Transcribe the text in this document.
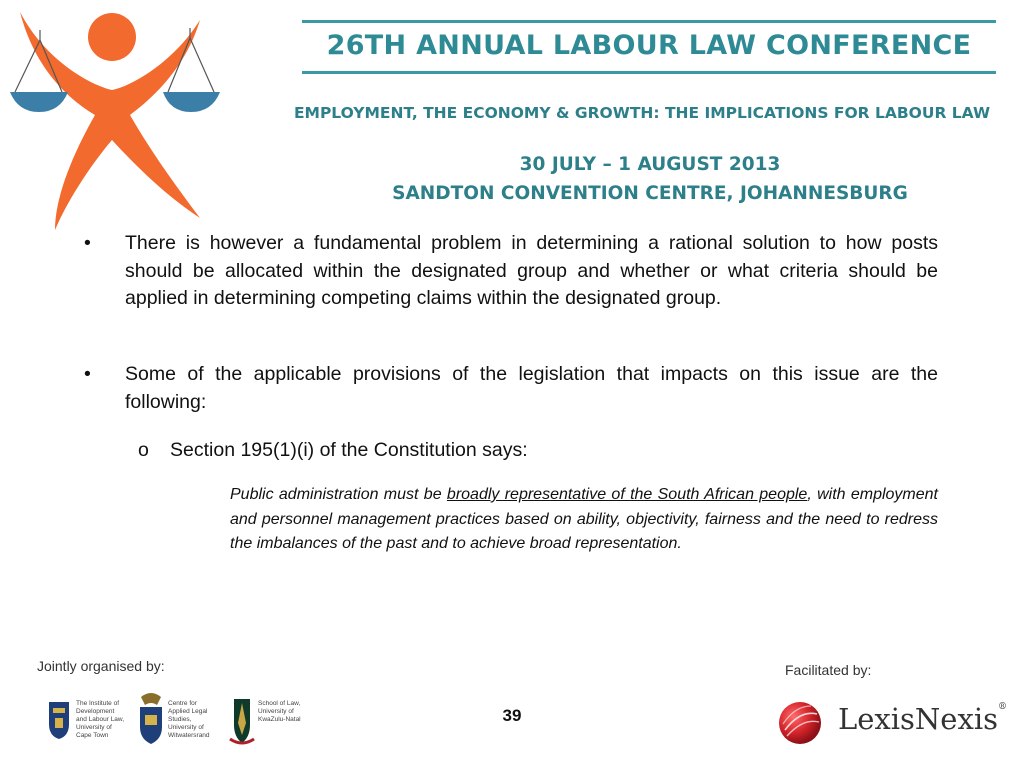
26TH ANNUAL LABOUR LAW CONFERENCE
EMPLOYMENT, THE ECONOMY & GROWTH: THE IMPLICATIONS FOR LABOUR LAW
30 JULY – 1 AUGUST 2013
SANDTON CONVENTION CENTRE, JOHANNESBURG
•	There is however a fundamental problem in determining a rational solution to how posts should be allocated within the designated group and whether or what criteria should be applied in determining competing claims within the designated group.
•	Some of the applicable provisions of the legislation that impacts on this issue are the following:
o Section 195(1)(i) of the Constitution says:
Public administration must be broadly representative of the South African people, with employment and personnel management practices based on ability, objectivity, fairness and the need to redress the imbalances of the past and to achieve broad representation.
Jointly organised by:	Facilitated by:
The Institute of Development and Labour Law, University of Cape Town
Centre for Applied Legal Studies, University of Witwatersrand
School of Law, University of KwaZulu-Natal	39	LexisNexis®
